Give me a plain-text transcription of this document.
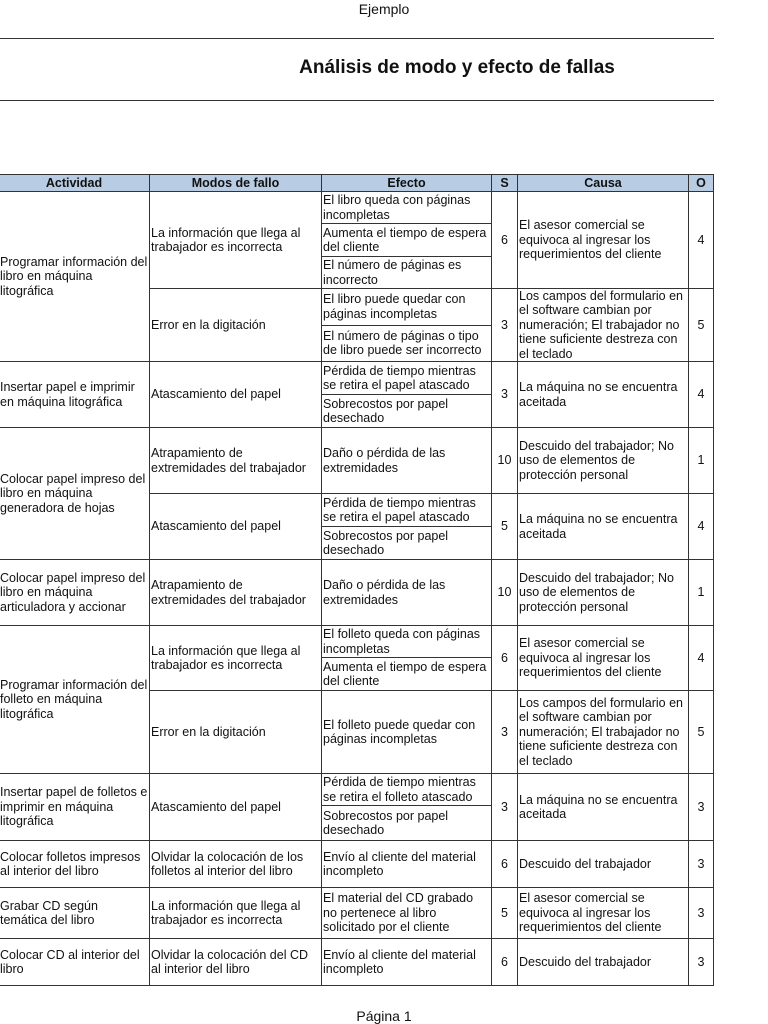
Ejemplo
Análisis de modo y efecto de fallas
Actividad	Modos de fallo	Efecto	S	Causa	O
Programar información del libro en máquina litográfica	La información que llega al trabajador es incorrecta	El libro queda con páginas incompletas	6	El asesor comercial se equivoca al ingresar los requerimientos del cliente	4
		Aumenta el tiempo de espera del cliente			
		El número de páginas es incorrecto			
	Error en la digitación	El libro puede quedar con páginas incompletas	3	Los campos del formulario en el software cambian por numeración; El trabajador no tiene suficiente destreza con el teclado	5
		El número de páginas o tipo de libro puede ser incorrecto			
Insertar papel e imprimir en máquina litográfica	Atascamiento del papel	Pérdida de tiempo mientras se retira el papel atascado	3	La máquina no se encuentra aceitada	4
		Sobrecostos por papel desechado			
Colocar papel impreso del libro en máquina generadora de hojas	Atrapamiento de extremidades del trabajador	Daño o pérdida de las extremidades	10	Descuido del trabajador; No uso de elementos de protección personal	1
	Atascamiento del papel	Pérdida de tiempo mientras se retira el papel atascado	5	La máquina no se encuentra aceitada	4
		Sobrecostos por papel desechado			
Colocar papel impreso del libro en máquina articuladora y accionar	Atrapamiento de extremidades del trabajador	Daño o pérdida de las extremidades	10	Descuido del trabajador; No uso de elementos de protección personal	1
Programar información del folleto en máquina litográfica	La información que llega al trabajador es incorrecta	El folleto queda con páginas incompletas	6	El asesor comercial se equivoca al ingresar los requerimientos del cliente	4
		Aumenta el tiempo de espera del cliente			
	Error en la digitación	El folleto puede quedar con páginas incompletas	3	Los campos del formulario en el software cambian por numeración; El trabajador no tiene suficiente destreza con el teclado	5
Insertar papel de folletos e imprimir en máquina litográfica	Atascamiento del papel	Pérdida de tiempo mientras se retira el folleto atascado	3	La máquina no se encuentra aceitada	3
		Sobrecostos por papel desechado			
Colocar folletos impresos al interior del libro	Olvidar la colocación de los folletos al interior del libro	Envío al cliente del material incompleto	6	Descuido del trabajador	3
Grabar CD según temática del libro	La información que llega al trabajador es incorrecta	El material del CD grabado no pertenece al libro solicitado por el cliente	5	El asesor comercial se equivoca al ingresar los requerimientos del cliente	3
Colocar CD al interior del libro	Olvidar la colocación del CD al interior del libro	Envío al cliente del material incompleto	6	Descuido del trabajador	3
Página 1
